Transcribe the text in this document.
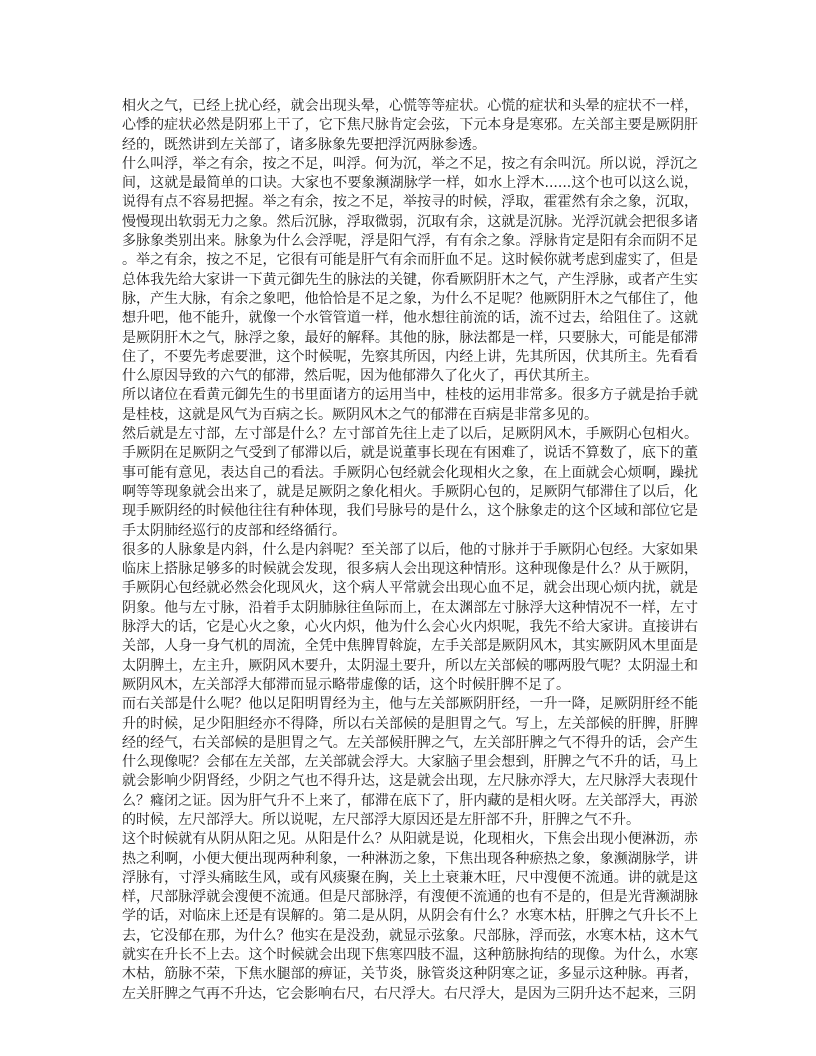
相火之气，已经上扰心经，就会出现头晕，心慌等等症状。心慌的症状和头晕的症状不一样，心悸的症状必然是阴邪上干了，它下焦尺脉肯定会弦，下元本身是寒邪。左关部主要是厥阴肝经的，既然讲到左关部了，诸多脉象先要把浮沉两脉参透。

什么叫浮，举之有余，按之不足，叫浮。何为沉，举之不足，按之有余叫沉。所以说，浮沉之间，这就是最简单的口诀。大家也不要象濒湖脉学一样，如水上浮木......这个也可以这么说，说得有点不容易把握。举之有余，按之不足，举按寻的时候，浮取，霍霍然有余之象，沉取，慢慢现出软弱无力之象。然后沉脉，浮取微弱，沉取有余，这就是沉脉。光浮沉就会把很多诸多脉象类别出来。脉象为什么会浮呢，浮是阳气浮，有有余之象。浮脉肯定是阳有余而阴不足。举之有余，按之不足，它很有可能是肝气有余而肝血不足。这时候你就考虑到虚实了，但是总体我先给大家讲一下黄元御先生的脉法的关键，你看厥阴肝木之气，产生浮脉，或者产生实脉，产生大脉，有余之象吧，他恰恰是不足之象，为什么不足呢？他厥阴肝木之气郁住了，他想升吧，他不能升，就像一个水管管道一样，他水想往前流的话，流不过去，给阻住了。这就是厥阴肝木之气，脉浮之象，最好的解释。其他的脉，脉法都是一样，只要脉大，可能是郁滞住了，不要先考虑要泄，这个时候呢，先察其所因，内经上讲，先其所因，伏其所主。先看看什么原因导致的六气的郁滞，然后呢，因为他郁滞久了化火了，再伏其所主。

所以诸位在看黄元御先生的书里面诸方的运用当中，桂枝的运用非常多。很多方子就是抬手就是桂枝，这就是风气为百病之长。厥阴风木之气的郁滞在百病是非常多见的。

然后就是左寸部，左寸部是什么？左寸部首先往上走了以后，足厥阴风木，手厥阴心包相火。手厥阴在足厥阴之气受到了郁滞以后，就是说董事长现在有困难了，说话不算数了，底下的董事可能有意见，表达自己的看法。手厥阴心包经就会化现相火之象，在上面就会心烦啊，躁扰啊等等现象就会出来了，就是足厥阴之象化相火。手厥阴心包的，足厥阴气郁滞住了以后，化现手厥阴经的时候他往往有种体现，我们号脉号的是什么，这个脉象走的这个区域和部位它是手太阴肺经巡行的皮部和经络循行。

很多的人脉象是内斜，什么是内斜呢？至关部了以后，他的寸脉并于手厥阴心包经。大家如果临床上搭脉足够多的时候就会发现，很多病人会出现这种情形。这种现像是什么？从于厥阴，手厥阴心包经就必然会化现风火，这个病人平常就会出现心血不足，就会出现心烦内扰，就是阴象。他与左寸脉，沿着手太阴肺脉往鱼际而上，在太渊部左寸脉浮大这种情况不一样，左寸脉浮大的话，它是心火之象，心火内炽，他为什么会心火内炽呢，我先不给大家讲。直接讲右关部，人身一身气机的周流，全凭中焦脾胃斡旋，左手关部是厥阴风木，其实厥阴风木里面是太阴脾土，左主升，厥阴风木要升，太阴湿土要升，所以左关部候的哪两股气呢？太阴湿土和厥阴风木，左关部浮大郁滞而显示略带虚像的话，这个时候肝脾不足了。

而右关部是什么呢？他以足阳明胃经为主，他与左关部厥阴肝经，一升一降，足厥阴肝经不能升的时候，足少阳胆经亦不得降，所以右关部候的是胆胃之气。写上，左关部候的肝脾，肝脾经的经气，右关部候的是胆胃之气。左关部候肝脾之气，左关部肝脾之气不得升的话，会产生什么现像呢？会郁在左关部，左关部就会浮大。大家脑子里会想到，肝脾之气不升的话，马上就会影响少阴肾经，少阴之气也不得升达，这是就会出现，左尺脉亦浮大，左尺脉浮大表现什么？癃闭之证。因为肝气升不上来了，郁滞在底下了，肝内藏的是相火呀。左关部浮大，再淤的时候，左尺部浮大。所以说呢，左尺部浮大原因还是左肝部不升，肝脾之气不升。

这个时候就有从阴从阳之见。从阳是什么？从阳就是说，化现相火，下焦会出现小便淋沥，赤热之利啊，小便大便出现两种利象，一种淋沥之象，下焦出现各种瘀热之象，象濒湖脉学，讲浮脉有，寸浮头痛眩生风，或有风痰聚在胸，关上土衰兼木旺，尺中溲便不流通。讲的就是这样，尺部脉浮就会溲便不流通。但是尺部脉浮，有溲便不流通的也有不是的，但是光背濒湖脉学的话，对临床上还是有误解的。第二是从阴，从阴会有什么？水寒木枯，肝脾之气升长不上去，它没郁在那，为什么？他实在是没劲，就显示弦象。尺部脉，浮而弦，水寒木枯，这木气就实在升长不上去。这个时候就会出现下焦寒四肢不温，这种筋脉拘结的现像。为什么，水寒木枯，筋脉不荣，下焦水腿部的痹证，关节炎，脉管炎这种阴寒之证，多显示这种脉。再者，左关肝脾之气再不升达，它会影响右尺，右尺浮大。右尺浮大，是因为三阴升达不起来，三阴
